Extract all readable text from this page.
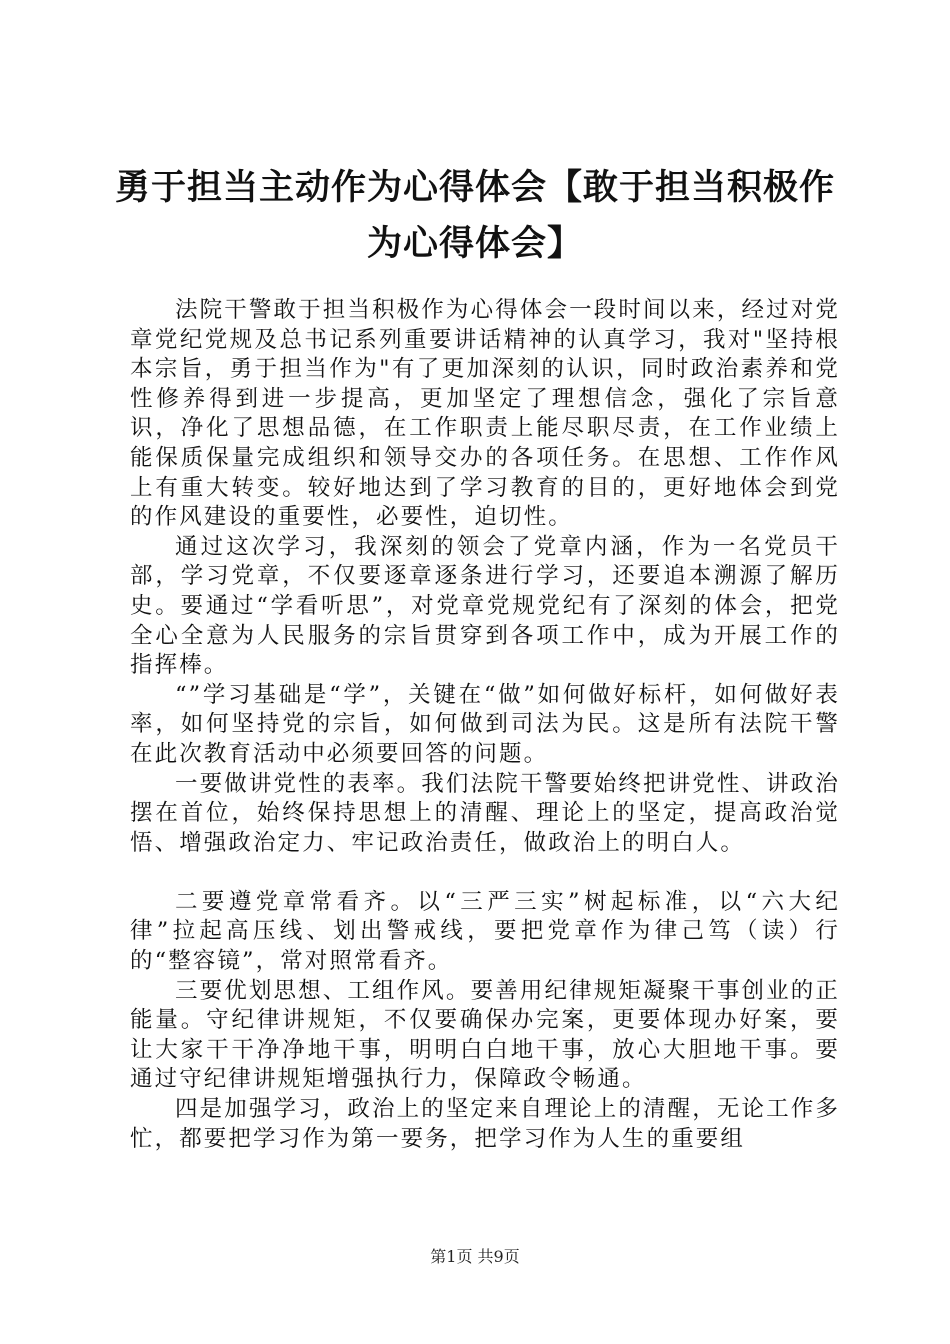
勇于担当主动作为心得体会【敢于担当积极作为心得体会】

法院干警敢于担当积极作为心得体会一段时间以来，经过对党章党纪党规及总书记系列重要讲话精神的认真学习，我对"坚持根本宗旨，勇于担当作为"有了更加深刻的认识，同时政治素养和党性修养得到进一步提高，更加坚定了理想信念，强化了宗旨意识，净化了思想品德，在工作职责上能尽职尽责，在工作业绩上能保质保量完成组织和领导交办的各项任务。在思想、工作作风上有重大转变。较好地达到了学习教育的目的，更好地体会到党的作风建设的重要性，必要性，迫切性。

通过这次学习，我深刻的领会了党章内涵，作为一名党员干部，学习党章，不仅要逐章逐条进行学习，还要追本溯源了解历史。要通过“学看听思”，对党章党规党纪有了深刻的体会，把党全心全意为人民服务的宗旨贯穿到各项工作中，成为开展工作的指挥棒。

“”学习基础是“学”，关键在“做”如何做好标杆，如何做好表率，如何坚持党的宗旨，如何做到司法为民。这是所有法院干警在此次教育活动中必须要回答的问题。

一要做讲党性的表率。我们法院干警要始终把讲党性、讲政治摆在首位，始终保持思想上的清醒、理论上的坚定，提高政治觉悟、增强政治定力、牢记政治责任，做政治上的明白人。

二要遵党章常看齐。以“三严三实”树起标准，以“六大纪律”拉起高压线、划出警戒线，要把党章作为律己笃（读）行的“整容镜”，常对照常看齐。

三要优划思想、工组作风。要善用纪律规矩凝聚干事创业的正能量。守纪律讲规矩，不仅要确保办完案，更要体现办好案，要让大家干干净净地干事，明明白白地干事，放心大胆地干事。要通过守纪律讲规矩增强执行力，保障政令畅通。

四是加强学习，政治上的坚定来自理论上的清醒，无论工作多忙，都要把学习作为第一要务，把学习作为人生的重要组

第1页 共9页
